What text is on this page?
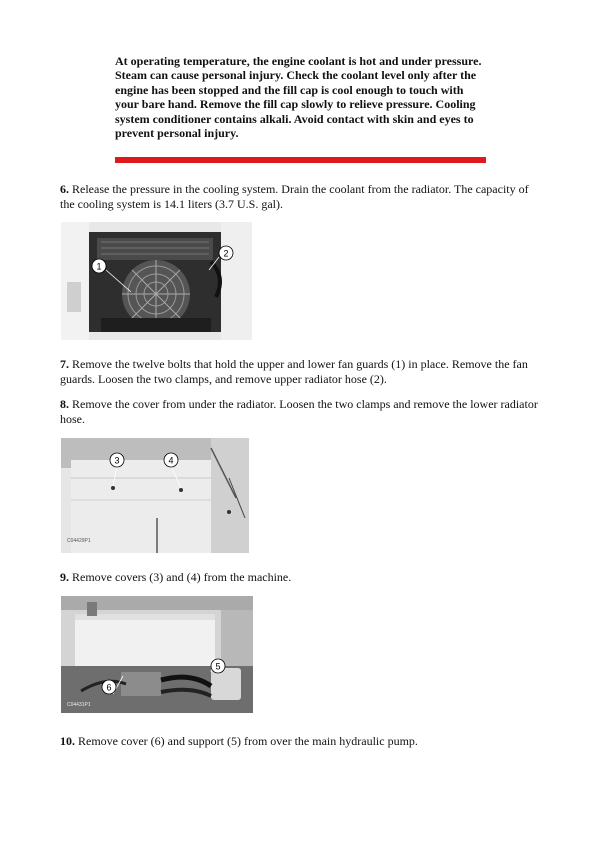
At operating temperature, the engine coolant is hot and under pressure. Steam can cause personal injury. Check the coolant level only after the engine has been stopped and the fill cap is cool enough to touch with your bare hand. Remove the fill cap slowly to relieve pressure. Cooling system conditioner contains alkali. Avoid contact with skin and eyes to prevent personal injury.
6. Release the pressure in the cooling system. Drain the coolant from the radiator. The capacity of the cooling system is 14.1 liters (3.7 U.S. gal).
1
2
7. Remove the twelve bolts that hold the upper and lower fan guards (1) in place. Remove the fan guards. Loosen the two clamps, and remove upper radiator hose (2).
8. Remove the cover from under the radiator. Loosen the two clamps and remove the lower radiator hose.
3	4
C04429P1
9. Remove covers (3) and (4) from the machine.
6
5
C04431P1
10. Remove cover (6) and support (5) from over the main hydraulic pump.
